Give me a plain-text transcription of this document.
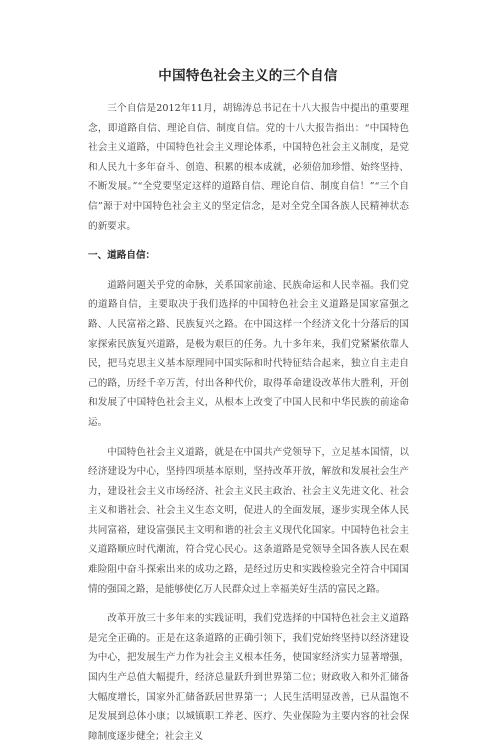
中国特色社会主义的三个自信

三个自信是2012年11月，胡锦涛总书记在十八大报告中提出的重要理念，即道路自信、理论自信、制度自信。党的十八大报告指出：“中国特色社会主义道路，中国特色社会主义理论体系，中国特色社会主义制度，是党和人民九十多年奋斗、创造、积累的根本成就，必须倍加珍惜、始终坚持、不断发展。”“全党要坚定这样的道路自信、理论自信、制度自信！”“三个自信”源于对中国特色社会主义的坚定信念，是对全党全国各族人民精神状态的新要求。

一、道路自信：

道路问题关乎党的命脉，关系国家前途、民族命运和人民幸福。我们党的道路自信，主要取决于我们选择的中国特色社会主义道路是国家富强之路、人民富裕之路、民族复兴之路。在中国这样一个经济文化十分落后的国家探索民族复兴道路，是极为艰巨的任务。九十多年来，我们党紧紧依靠人民，把马克思主义基本原理同中国实际和时代特征结合起来，独立自主走自己的路，历经千辛万苦，付出各种代价，取得革命建设改革伟大胜利，开创和发展了中国特色社会主义，从根本上改变了中国人民和中华民族的前途命运。

中国特色社会主义道路，就是在中国共产党领导下，立足基本国情，以经济建设为中心，坚持四项基本原则，坚持改革开放，解放和发展社会生产力，建设社会主义市场经济、社会主义民主政治、社会主义先进文化、社会主义和谐社会、社会主义生态文明，促进人的全面发展，逐步实现全体人民共同富裕，建设富强民主文明和谐的社会主义现代化国家。中国特色社会主义道路顺应时代潮流，符合党心民心。这条道路是党领导全国各族人民在艰难险阻中奋斗探索出来的成功之路，是经过历史和实践检验完全符合中国国情的强国之路，是能够使亿万人民群众过上幸福美好生活的富民之路。

改革开放三十多年来的实践证明，我们党选择的中国特色社会主义道路是完全正确的。正是在这条道路的正确引领下，我们党始终坚持以经济建设为中心，把发展生产力作为社会主义根本任务，使国家经济实力显著增强，国内生产总值大幅提升，经济总量跃升到世界第二位；财政收入和外汇储备大幅度增长，国家外汇储备跃居世界第一；人民生活明显改善，已从温饱不足发展到总体小康；以城镇职工养老、医疗、失业保险为主要内容的社会保障制度逐步健全；社会主义
